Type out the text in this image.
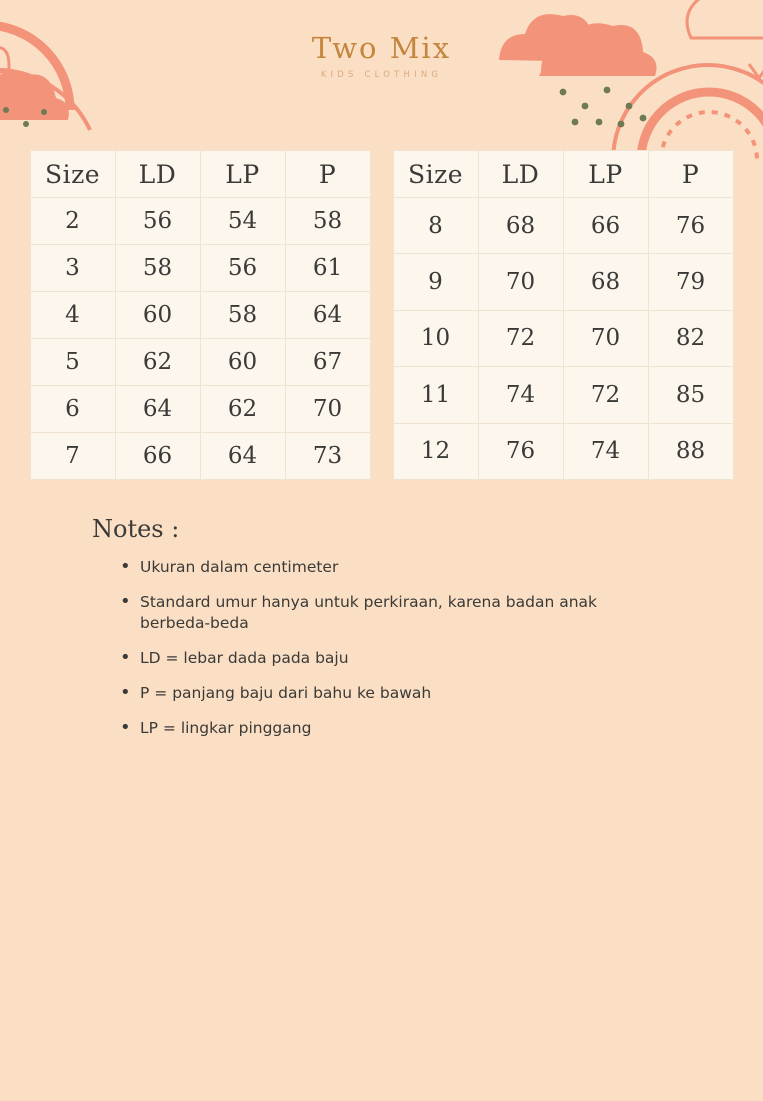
Two Mix
KIDS CLOTHING
Size	LD	LP	P
2	56	54	58
3	58	56	61
4	60	58	64
5	62	60	67
6	64	62	70
7	66	64	73
Size	LD	LP	P
8	68	66	76
9	70	68	79
10	72	70	82
11	74	72	85
12	76	74	88
Notes :
• Ukuran dalam centimeter
• Standard umur hanya untuk perkiraan, karena badan anak berbeda-beda
• LD = lebar dada pada baju
• P = panjang baju dari bahu ke bawah
• LP = lingkar pinggang
